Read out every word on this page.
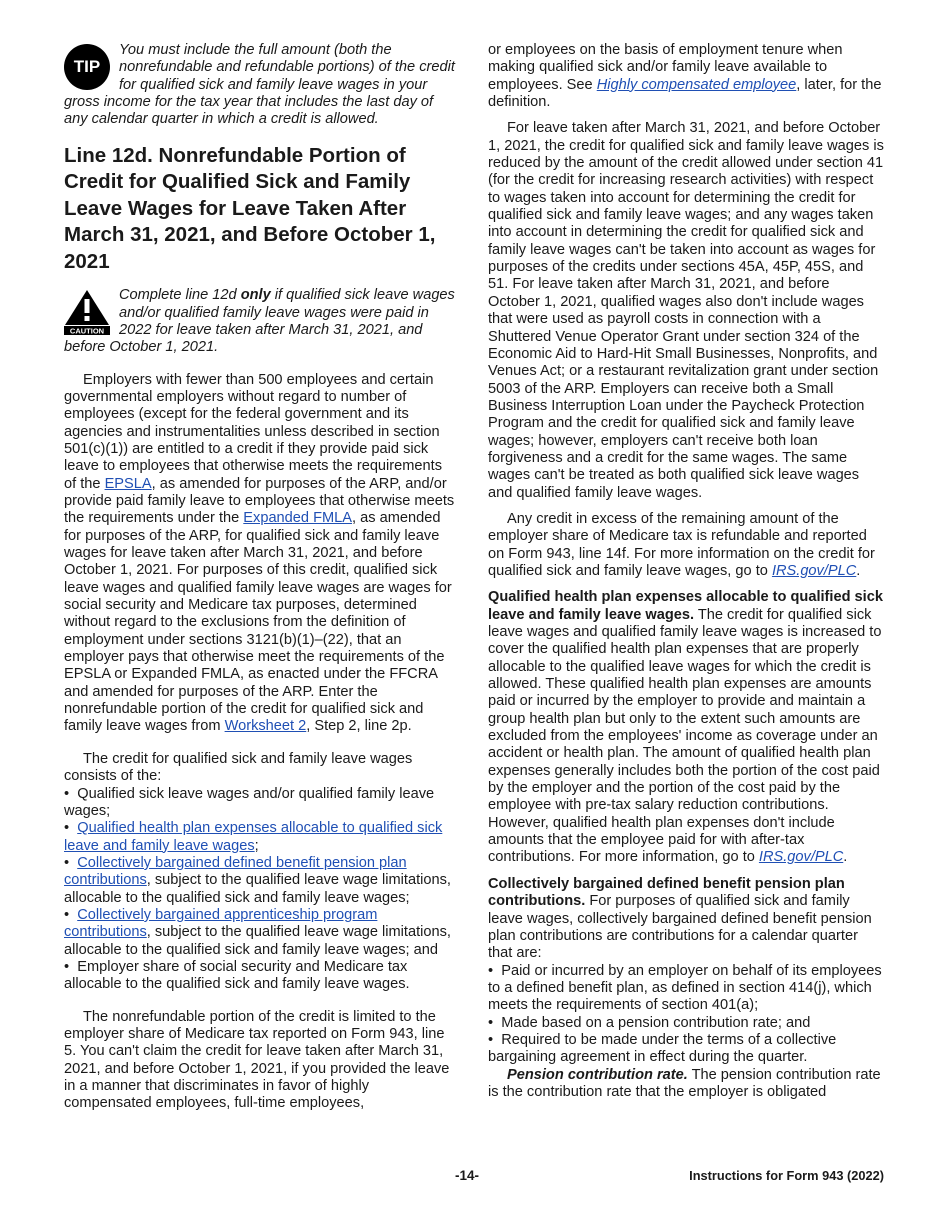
TIP

You must include the full amount (both the nonrefundable and refundable portions) of the credit for qualified sick and family leave wages in your gross income for the tax year that includes the last day of any calendar quarter in which a credit is allowed.

Line 12d. Nonrefundable Portion of Credit for Qualified Sick and Family Leave Wages for Leave Taken After March 31, 2021, and Before October 1, 2021
CAUTION

Complete line 12d only if qualified sick leave wages and/or qualified family leave wages were paid in 2022 for leave taken after March 31, 2021, and before October 1, 2021.

Employers with fewer than 500 employees and certain governmental employers without regard to number of employees (except for the federal government and its agencies and instrumentalities unless described in section 501(c)(1)) are entitled to a credit if they provide paid sick leave to employees that otherwise meets the requirements of the EPSLA, as amended for purposes of the ARP, and/or provide paid family leave to employees that otherwise meets the requirements under the Expanded FMLA, as amended for purposes of the ARP, for qualified sick and family leave wages for leave taken after March 31, 2021, and before October 1, 2021. For purposes of this credit, qualified sick leave wages and qualified family leave wages are wages for social security and Medicare tax purposes, determined without regard to the exclusions from the definition of employment under sections 3121(b)(1)–(22), that an employer pays that otherwise meet the requirements of the EPSLA or Expanded FMLA, as enacted under the FFCRA and amended for purposes of the ARP. Enter the nonrefundable portion of the credit for qualified sick and family leave wages from Worksheet 2, Step 2, line 2p.

The credit for qualified sick and family leave wages consists of the:

• Qualified sick leave wages and/or qualified family leave wages;

• Qualified health plan expenses allocable to qualified sick leave and family leave wages;

• Collectively bargained defined benefit pension plan contributions, subject to the qualified leave wage limitations, allocable to the qualified sick and family leave wages;

• Collectively bargained apprenticeship program contributions, subject to the qualified leave wage limitations, allocable to the qualified sick and family leave wages; and

• Employer share of social security and Medicare tax allocable to the qualified sick and family leave wages.

The nonrefundable portion of the credit is limited to the employer share of Medicare tax reported on Form 943, line 5. You can't claim the credit for leave taken after March 31, 2021, and before October 1, 2021, if you provided the leave in a manner that discriminates in favor of highly compensated employees, full-time employees,

or employees on the basis of employment tenure when making qualified sick and/or family leave available to employees. See Highly compensated employee, later, for the definition.

For leave taken after March 31, 2021, and before October 1, 2021, the credit for qualified sick and family leave wages is reduced by the amount of the credit allowed under section 41 (for the credit for increasing research activities) with respect to wages taken into account for determining the credit for qualified sick and family leave wages; and any wages taken into account in determining the credit for qualified sick and family leave wages can't be taken into account as wages for purposes of the credits under sections 45A, 45P, 45S, and 51. For leave taken after March 31, 2021, and before October 1, 2021, qualified wages also don't include wages that were used as payroll costs in connection with a Shuttered Venue Operator Grant under section 324 of the Economic Aid to Hard-Hit Small Businesses, Nonprofits, and Venues Act; or a restaurant revitalization grant under section 5003 of the ARP. Employers can receive both a Small Business Interruption Loan under the Paycheck Protection Program and the credit for qualified sick and family leave wages; however, employers can't receive both loan forgiveness and a credit for the same wages. The same wages can't be treated as both qualified sick leave wages and qualified family leave wages.

Any credit in excess of the remaining amount of the employer share of Medicare tax is refundable and reported on Form 943, line 14f. For more information on the credit for qualified sick and family leave wages, go to IRS.gov/PLC.

Qualified health plan expenses allocable to qualified sick leave and family leave wages. The credit for qualified sick leave wages and qualified family leave wages is increased to cover the qualified health plan expenses that are properly allocable to the qualified leave wages for which the credit is allowed. These qualified health plan expenses are amounts paid or incurred by the employer to provide and maintain a group health plan but only to the extent such amounts are excluded from the employees' income as coverage under an accident or health plan. The amount of qualified health plan expenses generally includes both the portion of the cost paid by the employer and the portion of the cost paid by the employee with pre-tax salary reduction contributions. However, qualified health plan expenses don't include amounts that the employee paid for with after-tax contributions. For more information, go to IRS.gov/PLC.

Collectively bargained defined benefit pension plan contributions. For purposes of qualified sick and family leave wages, collectively bargained defined benefit pension plan contributions are contributions for a calendar quarter that are:

• Paid or incurred by an employer on behalf of its employees to a defined benefit plan, as defined in section 414(j), which meets the requirements of section 401(a);

• Made based on a pension contribution rate; and

• Required to be made under the terms of a collective bargaining agreement in effect during the quarter.

Pension contribution rate. The pension contribution rate is the contribution rate that the employer is obligated

-14-	Instructions for Form 943 (2022)
